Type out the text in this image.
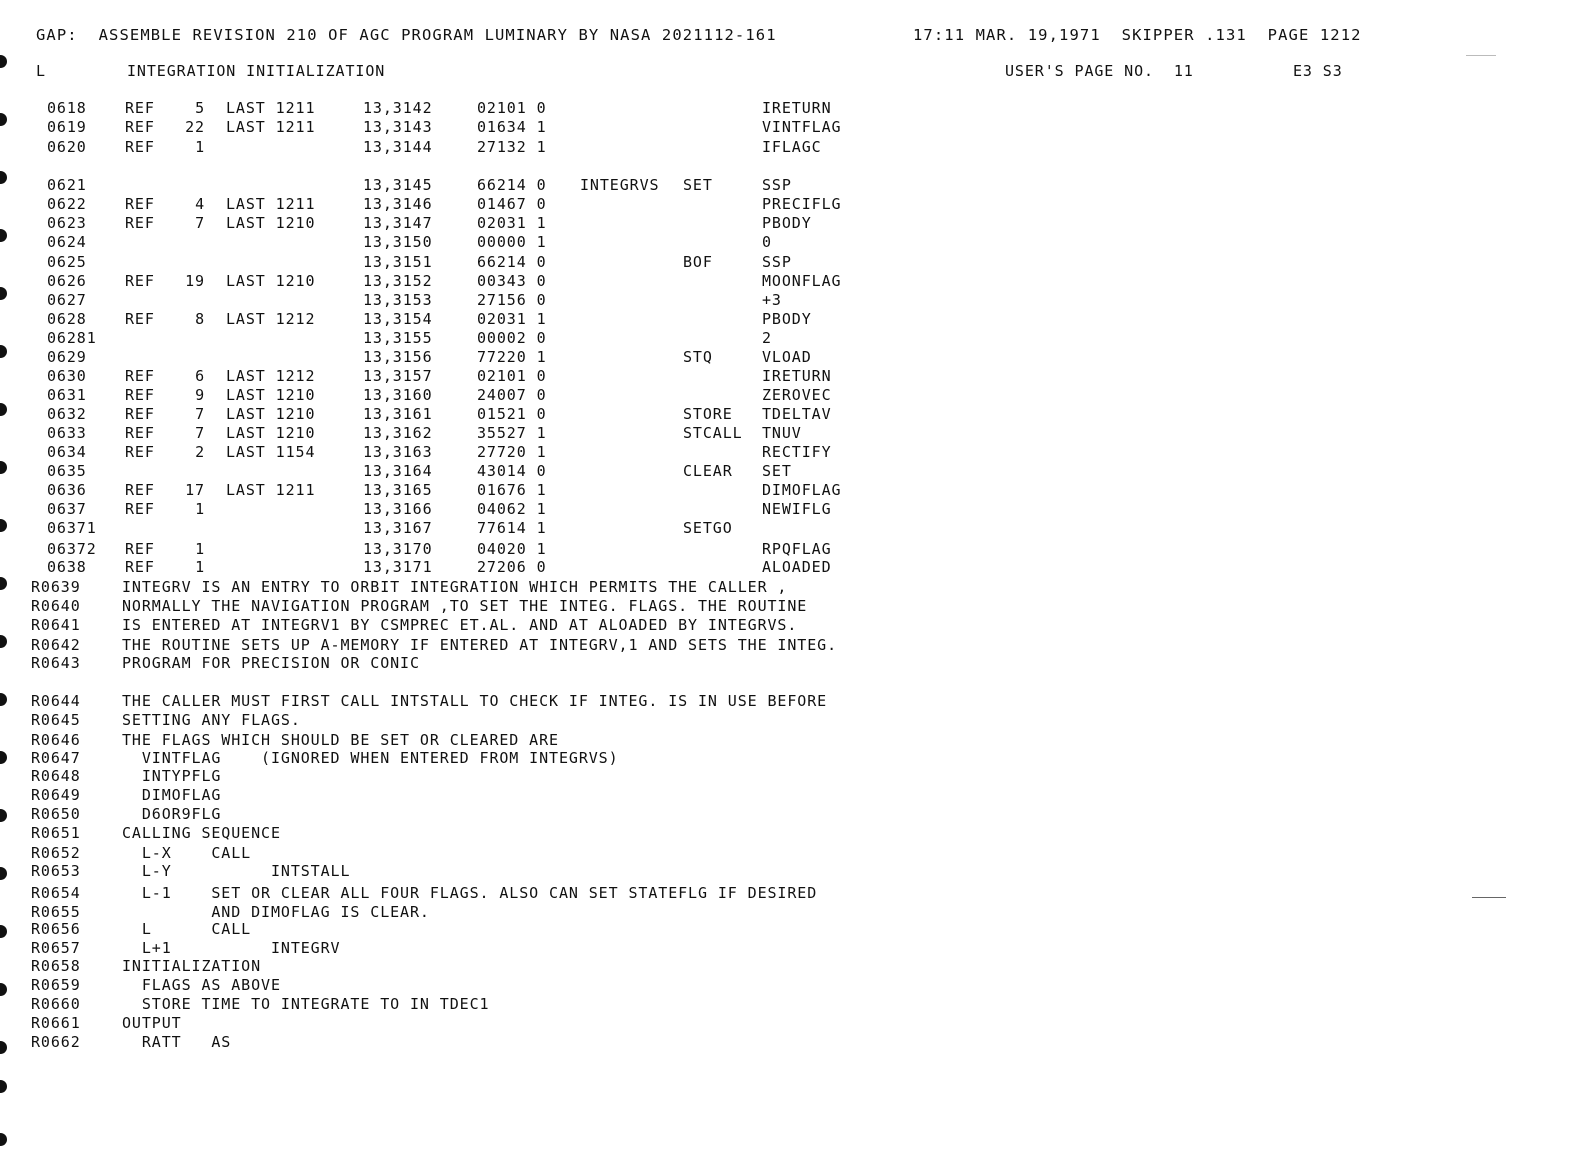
GAP:  ASSEMBLE REVISION 210 OF AGC PROGRAM LUMINARY BY NASA 2021112-161	17:11 MAR. 19,1971  SKIPPER .131  PAGE 1212
L	INTEGRATION INITIALIZATION	USER'S PAGE NO.  11	E3 S3
0618	REF	5 LAST 1211	13,3142	02101 0	IRETURN
0619	REF	22 LAST 1211	13,3143	01634 1	VINTFLAG
0620	REF	1	13,3144	27132 1	IFLAGC
0621	13,3145	66214 0 INTEGRVS SET	SSP
0622	REF	4 LAST 1211	13,3146	01467 0	PRECIFLG
0623	REF	7 LAST 1210	13,3147	02031 1	PBODY
0624	13,3150	00000 1	0
0625	13,3151	66214 0	BOF	SSP
0626	REF	19 LAST 1210	13,3152	00343 0	MOONFLAG
0627	13,3153	27156 0	+3
0628	REF	8 LAST 1212	13,3154	02031 1	PBODY
06281	13,3155	00002 0	2
0629	13,3156	77220 1	STQ	VLOAD
0630	REF	6 LAST 1212	13,3157	02101 0	IRETURN
0631	REF	9 LAST 1210	13,3160	24007 0	ZEROVEC
0632	REF	7 LAST 1210	13,3161	01521 0	STORE TDELTAV
0633	REF	7 LAST 1210	13,3162	35527 1	STCALL TNUV
0634	REF	2 LAST 1154	13,3163	27720 1	RECTIFY
0635	13,3164	43014 0	CLEAR SET
0636	REF	17 LAST 1211	13,3165	01676 1	DIMOFLAG
0637	REF	1	13,3166	04062 1	NEWIFLG
06371	13,3167	77614 1	SETGO
06372 REF	1	13,3170	04020 1	RPQFLAG
0638	REF	1	13,3171	27206 0	ALOADED
R0639	INTEGRV IS AN ENTRY TO ORBIT INTEGRATION WHICH PERMITS THE CALLER ,
R0640	NORMALLY THE NAVIGATION PROGRAM ,TO SET THE INTEG. FLAGS. THE ROUTINE
R0641	IS ENTERED AT INTEGRV1 BY CSMPREC ET.AL. AND AT ALOADED BY INTEGRVS.
R0642	THE ROUTINE SETS UP A-MEMORY IF ENTERED AT INTEGRV,1 AND SETS THE INTEG.
R0643	PROGRAM FOR PRECISION OR CONIC
R0644	THE CALLER MUST FIRST CALL INTSTALL TO CHECK IF INTEG. IS IN USE BEFORE
R0645	SETTING ANY FLAGS.
R0646	THE FLAGS WHICH SHOULD BE SET OR CLEARED ARE
R0647	VINTFLAG    (IGNORED WHEN ENTERED FROM INTEGRVS)
R0648	INTYPFLG
R0649	DIMOFLAG
R0650	D6OR9FLG
R0651	CALLING SEQUENCE
R0652	L-X    CALL
R0653	L-Y          INTSTALL
R0654	L-1    SET OR CLEAR ALL FOUR FLAGS. ALSO CAN SET STATEFLG IF DESIRED
R0655	AND DIMOFLAG IS CLEAR.
R0656	L      CALL
R0657	L+1          INTEGRV
R0658	INITIALIZATION
R0659	FLAGS AS ABOVE
R0660	STORE TIME TO INTEGRATE TO IN TDEC1
R0661	OUTPUT
R0662	RATT   AS
